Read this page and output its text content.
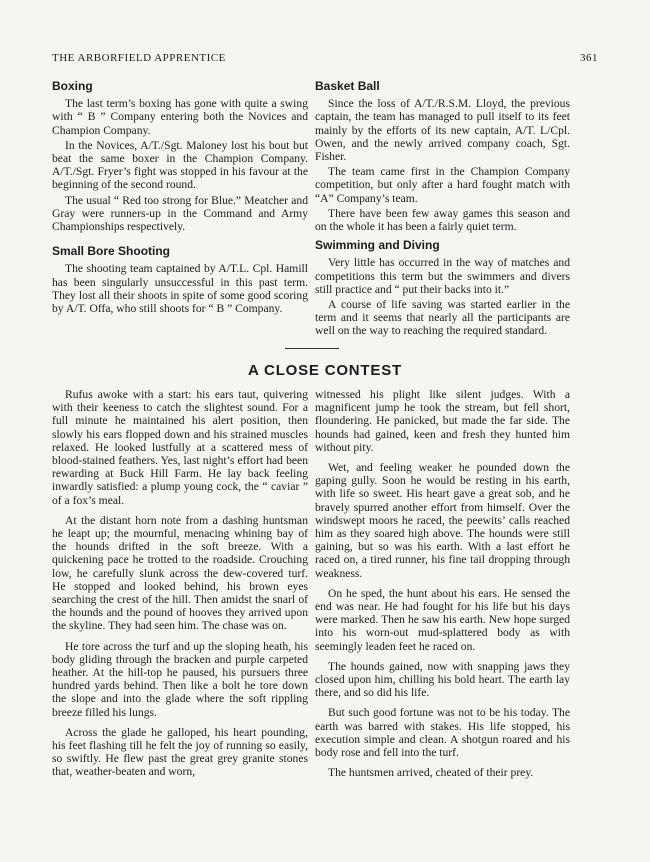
THE ARBORFIELD APPRENTICE	361
Boxing

The last term’s boxing has gone with quite a swing with “ B ” Company entering both the Novices and Champion Company.

In the Novices, A/T./Sgt. Maloney lost his bout but beat the same boxer in the Champion Company. A/T./Sgt. Fryer’s fight was stopped in his favour at the beginning of the second round.

The usual “ Red too strong for Blue.” Meatcher and Gray were runners-up in the Command and Army Championships respectively.

Small Bore Shooting

The shooting team captained by A/T.L. Cpl. Hamill has been singularly unsuccessful in this past term. They lost all their shoots in spite of some good scoring by A/T. Offa, who still shoots for “ B ” Company.

Basket Ball

Since the loss of A/T./R.S.M. Lloyd, the previous captain, the team has managed to pull itself to its feet mainly by the efforts of its new captain, A/T. L/Cpl. Owen, and the newly arrived company coach, Sgt. Fisher.

The team came first in the Champion Company competition, but only after a hard fought match with “A” Company’s team.

There have been few away games this season and on the whole it has been a fairly quiet term.

Swimming and Diving

Very little has occurred in the way of matches and competitions this term but the swimmers and divers still practice and “ put their backs into it.”

A course of life saving was started earlier in the term and it seems that nearly all the participants are well on the way to reaching the required standard.

A CLOSE CONTEST

Rufus awoke with a start: his ears taut, quivering with their keeness to catch the slightest sound. For a full minute he maintained his alert position, then slowly his ears flopped down and his strained muscles relaxed. He looked lustfully at a scattered mess of blood-stained feathers. Yes, last night’s effort had been rewarding at Buck Hill Farm. He lay back feeling inwardly satisfied: a plump young cock, the “ caviar ” of a fox’s meal.

At the distant horn note from a dashing huntsman he leapt up; the mournful, menacing whining bay of the hounds drifted in the soft breeze. With a quickening pace he trotted to the roadside. Crouching low, he carefully slunk across the dew-covered turf. He stopped and looked behind, his brown eyes searching the crest of the hill. Then amidst the snarl of the hounds and the pound of hooves they arrived upon the skyline. They had seen him. The chase was on.

He tore across the turf and up the sloping heath, his body gliding through the bracken and purple carpeted heather. At the hill-top he paused, his pursuers three hundred yards behind. Then like a bolt he tore down the slope and into the glade where the soft rippling breeze filled his lungs.

Across the glade he galloped, his heart pounding, his feet flashing till he felt the joy of running so easily, so swiftly. He flew past the great grey granite stones that, weather-beaten and worn,

witnessed his plight like silent judges. With a magnificent jump he took the stream, but fell short, floundering. He panicked, but made the far side. The hounds had gained, keen and fresh they hunted him without pity.

Wet, and feeling weaker he pounded down the gaping gully. Soon he would be resting in his earth, with life so sweet. His heart gave a great sob, and he bravely spurred another effort from himself. Over the windswept moors he raced, the peewits’ calls reached him as they soared high above. The hounds were still gaining, but so was his earth. With a last effort he raced on, a tired runner, his fine tail dropping through weakness.

On he sped, the hunt about his ears. He sensed the end was near. He had fought for his life but his days were marked. Then he saw his earth. New hope surged into his worn-out mud-splattered body as with seemingly leaden feet he raced on.

The hounds gained, now with snapping jaws they closed upon him, chilling his bold heart. The earth lay there, and so did his life.

But such good fortune was not to be his today. The earth was barred with stakes. His life stopped, his execution simple and clean. A shotgun roared and his body rose and fell into the turf.

The huntsmen arrived, cheated of their prey.
